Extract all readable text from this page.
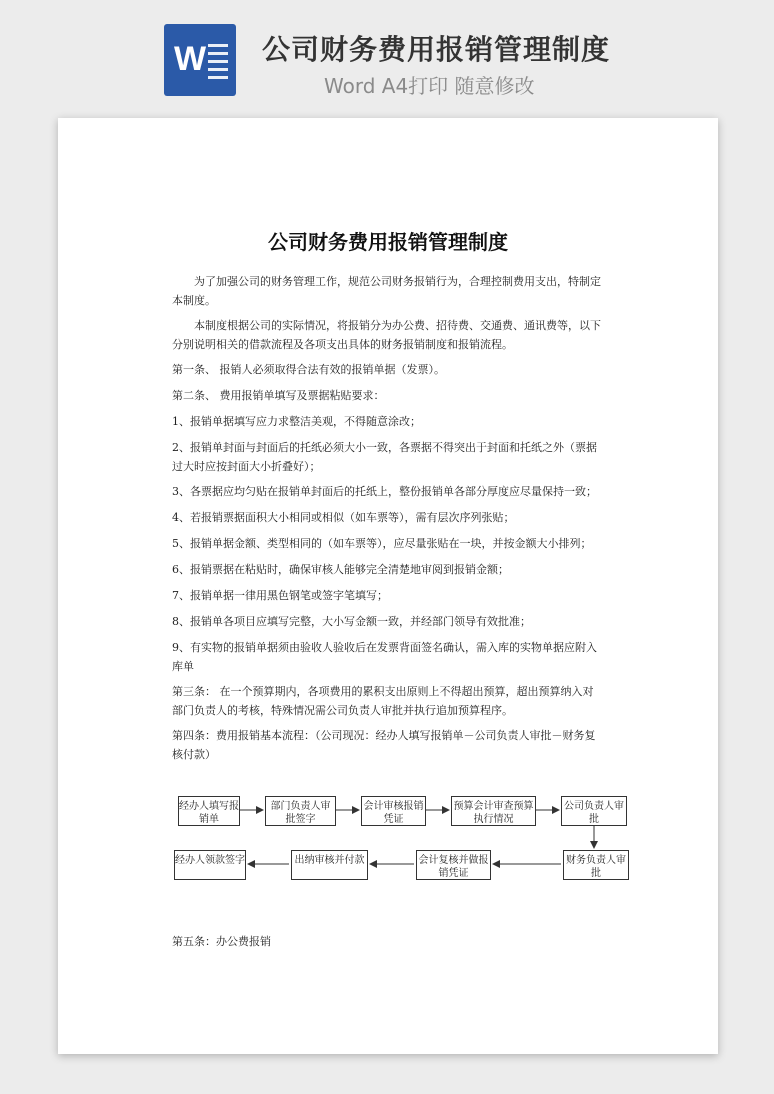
W 公司财务费用报销管理制度
Word A4打印 随意修改
公司财务费用报销管理制度

为了加强公司的财务管理工作，规范公司财务报销行为，合理控制费用支出，特制定本制度。

本制度根据公司的实际情况，将报销分为办公费、招待费、交通费、通讯费等，以下分别说明相关的借款流程及各项支出具体的财务报销制度和报销流程。

第一条、 报销人必须取得合法有效的报销单据（发票）。

第二条、 费用报销单填写及票据粘贴要求：

1、报销单据填写应力求整洁美观，不得随意涂改；

2、报销单封面与封面后的托纸必须大小一致，各票据不得突出于封面和托纸之外（票据过大时应按封面大小折叠好）；

3、各票据应均匀贴在报销单封面后的托纸上，整份报销单各部分厚度应尽量保持一致；

4、若报销票据面积大小相同或相似（如车票等），需有层次序列张贴；

5、报销单据金额、类型相同的（如车票等），应尽量张贴在一块，并按金额大小排列；

6、报销票据在粘贴时，确保审核人能够完全清楚地审阅到报销金额；

7、报销单据一律用黑色钢笔或签字笔填写；

8、报销单各项目应填写完整，大小写金额一致，并经部门领导有效批准；

9、有实物的报销单据须由验收人验收后在发票背面签名确认，需入库的实物单据应附入库单

第三条： 在一个预算期内，各项费用的累积支出原则上不得超出预算，超出预算纳入对部门负责人的考核，特殊情况需公司负责人审批并执行追加预算程序。

第四条：费用报销基本流程：（公司现况：经办人填写报销单－公司负责人审批－财务复核付款）

经办人填写报销单
部门负责人审批签字
会计审核报销凭证
预算会计审查预算执行情况
公司负责人审批
经办人领款签字	出纳审核并付款	会计复核并做报销凭证
财务负责人审批

第五条：办公费报销
